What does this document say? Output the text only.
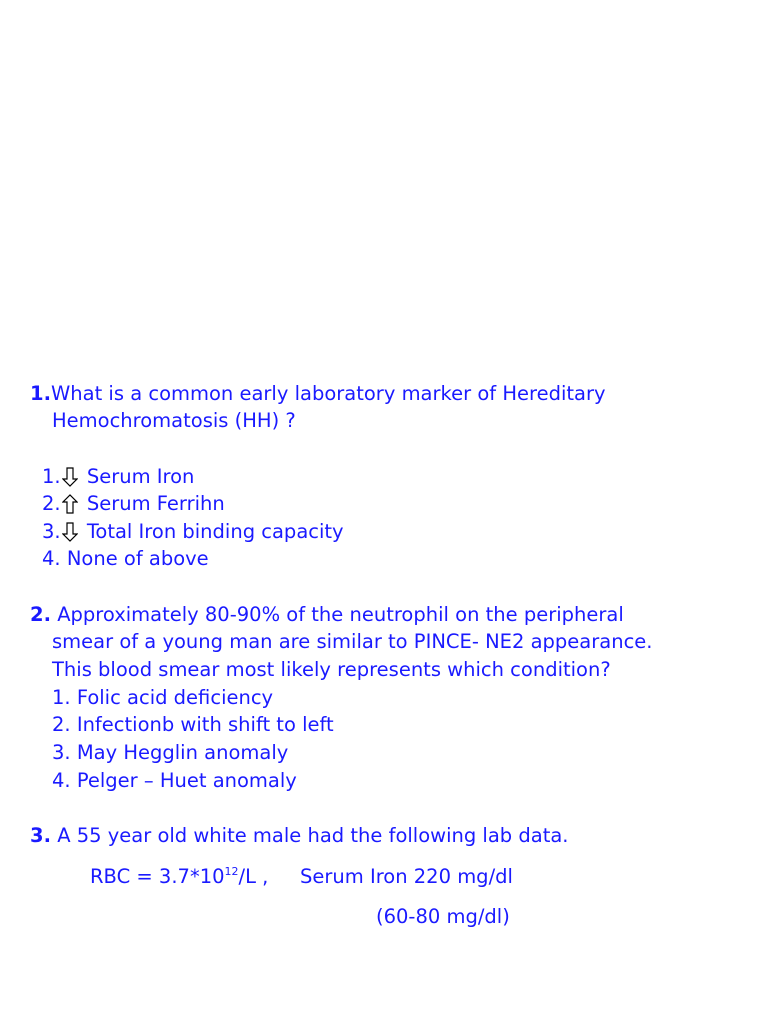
1.What is a common early laboratory marker of Hereditary
Hemochromatosis (HH) ?
1. Serum Iron
2. Serum Ferrihn
3. Total Iron binding capacity
4. None of above
2. Approximately 80-90% of the neutrophil on the peripheral
smear of a young man are similar to PINCE- NE2 appearance.
This blood smear most likely represents which condition?
1. Folic acid deficiency
2. Infectionb with shift to left
3. May Hegglin anomaly
4. Pelger – Huet anomaly
3. A 55 year old white male had the following lab data.
RBC = $3.7*10^{12}/L$ , Serum Iron 220 mg/dl
(60-80 mg/dl)
